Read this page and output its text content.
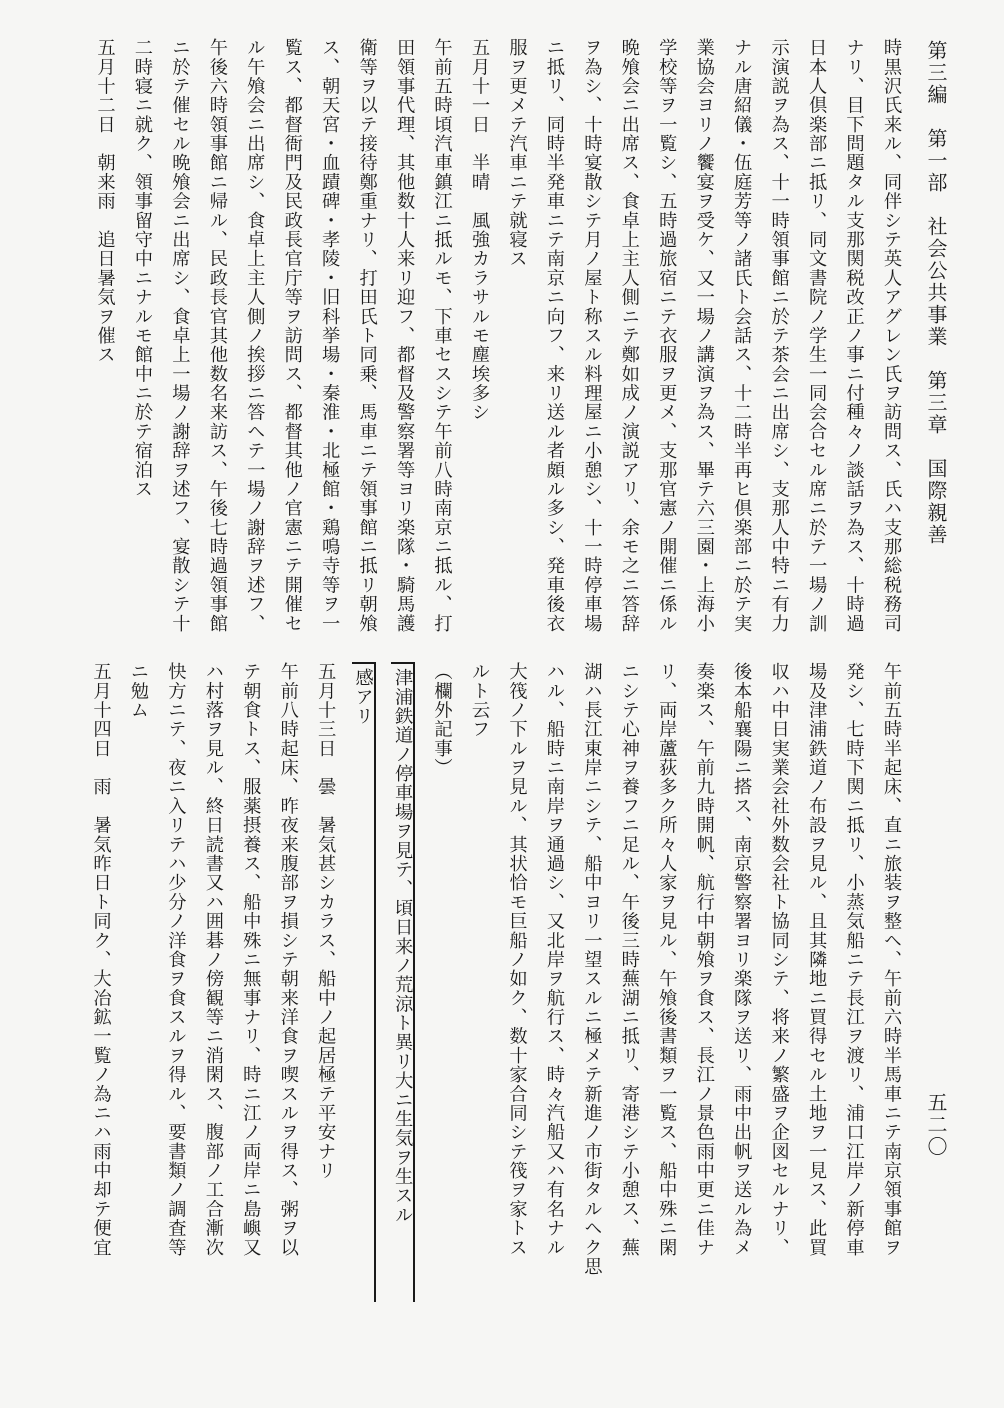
第三編　第一部　社会公共事業　第三章　国際親善
五二〇
時黒沢氏来ル、同伴シテ英人アグレン氏ヲ訪問ス、氏ハ支那総税務司
ナリ、目下問題タル支那関税改正ノ事ニ付種々ノ談話ヲ為ス、十時過
日本人倶楽部ニ抵リ、同文書院ノ学生一同会合セル席ニ於テ一場ノ訓
示演説ヲ為ス、十一時領事館ニ於テ茶会ニ出席シ、支那人中特ニ有力
ナル唐紹儀・伍庭芳等ノ諸氏ト会話ス、十二時半再ヒ倶楽部ニ於テ実
業協会ヨリノ饗宴ヲ受ケ、又一場ノ講演ヲ為ス、畢テ六三園・上海小
学校等ヲ一覧シ、五時過旅宿ニテ衣服ヲ更メ、支那官憲ノ開催ニ係ル
晩飧会ニ出席ス、食卓上主人側ニテ鄭如成ノ演説アリ、余モ之ニ答辞
ヲ為シ、十時宴散シテ月ノ屋ト称スル料理屋ニ小憩シ、十一時停車場
ニ抵リ、同時半発車ニテ南京ニ向フ、来リ送ル者頗ル多シ、発車後衣
服ヲ更メテ汽車ニテ就寝ス
五月十一日　半晴　風強カラサルモ塵埃多シ
午前五時頃汽車鎮江ニ抵ルモ、下車セスシテ午前八時南京ニ抵ル、打
田領事代理、其他数十人来リ迎フ、都督及警察署等ヨリ楽隊・騎馬護
衛等ヲ以テ接待鄭重ナリ、打田氏ト同乗、馬車ニテ領事館ニ抵リ朝飧
ス、朝天宮・血蹟碑・孝陵・旧科挙場・秦淮・北極館・鶏鳴寺等ヲ一
覧ス、都督衙門及民政長官庁等ヲ訪問ス、都督其他ノ官憲ニテ開催セ
ル午飧会ニ出席シ、食卓上主人側ノ挨拶ニ答ヘテ一場ノ謝辞ヲ述フ、
午後六時領事館ニ帰ル、民政長官其他数名来訪ス、午後七時過領事館
ニ於テ催セル晩飧会ニ出席シ、食卓上一場ノ謝辞ヲ述フ、宴散シテ十
二時寝ニ就ク、領事留守中ニナルモ館中ニ於テ宿泊ス
五月十二日　朝来雨　追日暑気ヲ催ス
午前五時半起床、直ニ旅装ヲ整ヘ、午前六時半馬車ニテ南京領事館ヲ
発シ、七時下関ニ抵リ、小蒸気船ニテ長江ヲ渡リ、浦口江岸ノ新停車
場及津浦鉄道ノ布設ヲ見ル、且其隣地ニ買得セル土地ヲ一見ス、此買
収ハ中日実業会社外数会社ト協同シテ、将来ノ繁盛ヲ企図セルナリ、
後本船襄陽ニ搭ス、南京警察署ヨリ楽隊ヲ送リ、雨中出帆ヲ送ル為メ
奏楽ス、午前九時開帆、航行中朝飧ヲ食ス、長江ノ景色雨中更ニ佳ナ
リ、両岸蘆荻多ク所々人家ヲ見ル、午飧後書類ヲ一覧ス、船中殊ニ閑
ニシテ心神ヲ養フニ足ル、午後三時蕪湖ニ抵リ、寄港シテ小憩ス、蕪
湖ハ長江東岸ニシテ、船中ヨリ一望スルニ極メテ新進ノ市街タルヘク思
ハル、船時ニ南岸ヲ通過シ、又北岸ヲ航行ス、時々汽船又ハ有名ナル
大筏ノ下ルヲ見ル、其状恰モ巨船ノ如ク、数十家合同シテ筏ヲ家トス
ルト云フ
（欄外記事）
津浦鉄道ノ停車場ヲ見テ、頃日来ノ荒涼ト異リ大ニ生気ヲ生スル
感アリ
五月十三日　曇　暑気甚シカラス、船中ノ起居極テ平安ナリ
午前八時起床、昨夜来腹部ヲ損シテ朝来洋食ヲ喫スルヲ得ス、粥ヲ以
テ朝食トス、服薬摂養ス、船中殊ニ無事ナリ、時ニ江ノ両岸ニ島嶼又
ハ村落ヲ見ル、終日読書又ハ囲碁ノ傍観等ニ消閑ス、腹部ノ工合漸次
快方ニテ、夜ニ入リテハ少分ノ洋食ヲ食スルヲ得ル、要書類ノ調査等
ニ勉ム
五月十四日　雨　暑気昨日ト同ク、大冶鉱一覧ノ為ニハ雨中却テ便宜
